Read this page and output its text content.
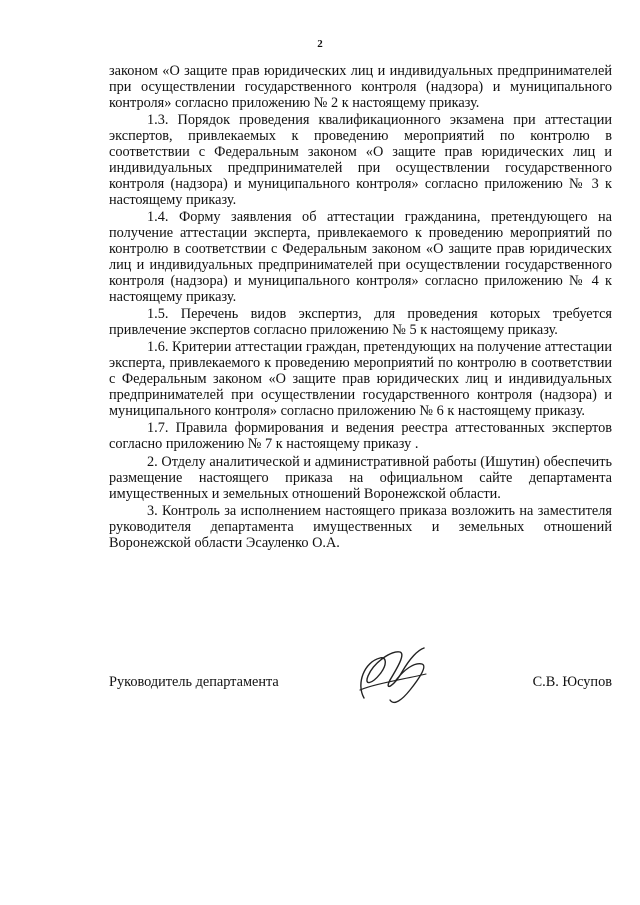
2

законом «О защите прав юридических лиц и индивидуальных предпринимателей при осуществлении государственного контроля (надзора) и муниципального контроля» согласно приложению № 2 к настоящему приказу.

1.3. Порядок проведения квалификационного экзамена при аттестации экспертов, привлекаемых к проведению мероприятий по контролю в соответствии с Федеральным законом «О защите прав юридических лиц и индивидуальных предпринимателей при осуществлении государственного контроля (надзора) и муниципального контроля» согласно приложению № 3 к настоящему приказу.

1.4. Форму заявления об аттестации гражданина, претендующего на получение аттестации эксперта, привлекаемого к проведению мероприятий по контролю в соответствии с Федеральным законом «О защите прав юридических лиц и индивидуальных предпринимателей при осуществлении государственного контроля (надзора) и муниципального контроля» согласно приложению № 4 к настоящему приказу.

1.5. Перечень видов экспертиз, для проведения которых требуется привлечение экспертов согласно приложению № 5 к настоящему приказу.

1.6. Критерии аттестации граждан, претендующих на получение аттестации эксперта, привлекаемого к проведению мероприятий по контролю в соответствии с Федеральным законом «О защите прав юридических лиц и индивидуальных предпринимателей при осуществлении государственного контроля (надзора) и муниципального контроля» согласно приложению № 6 к настоящему приказу.

1.7. Правила формирования и ведения реестра аттестованных экспертов согласно приложению № 7 к настоящему приказу .

2. Отделу аналитической и административной работы (Ишутин) обеспечить размещение настоящего приказа на официальном сайте департамента имущественных и земельных отношений Воронежской области.

3. Контроль за исполнением настоящего приказа возложить на заместителя руководителя департамента имущественных и земельных отношений Воронежской области Эсауленко О.А.

Руководитель департамента	С.В. Юсупов
